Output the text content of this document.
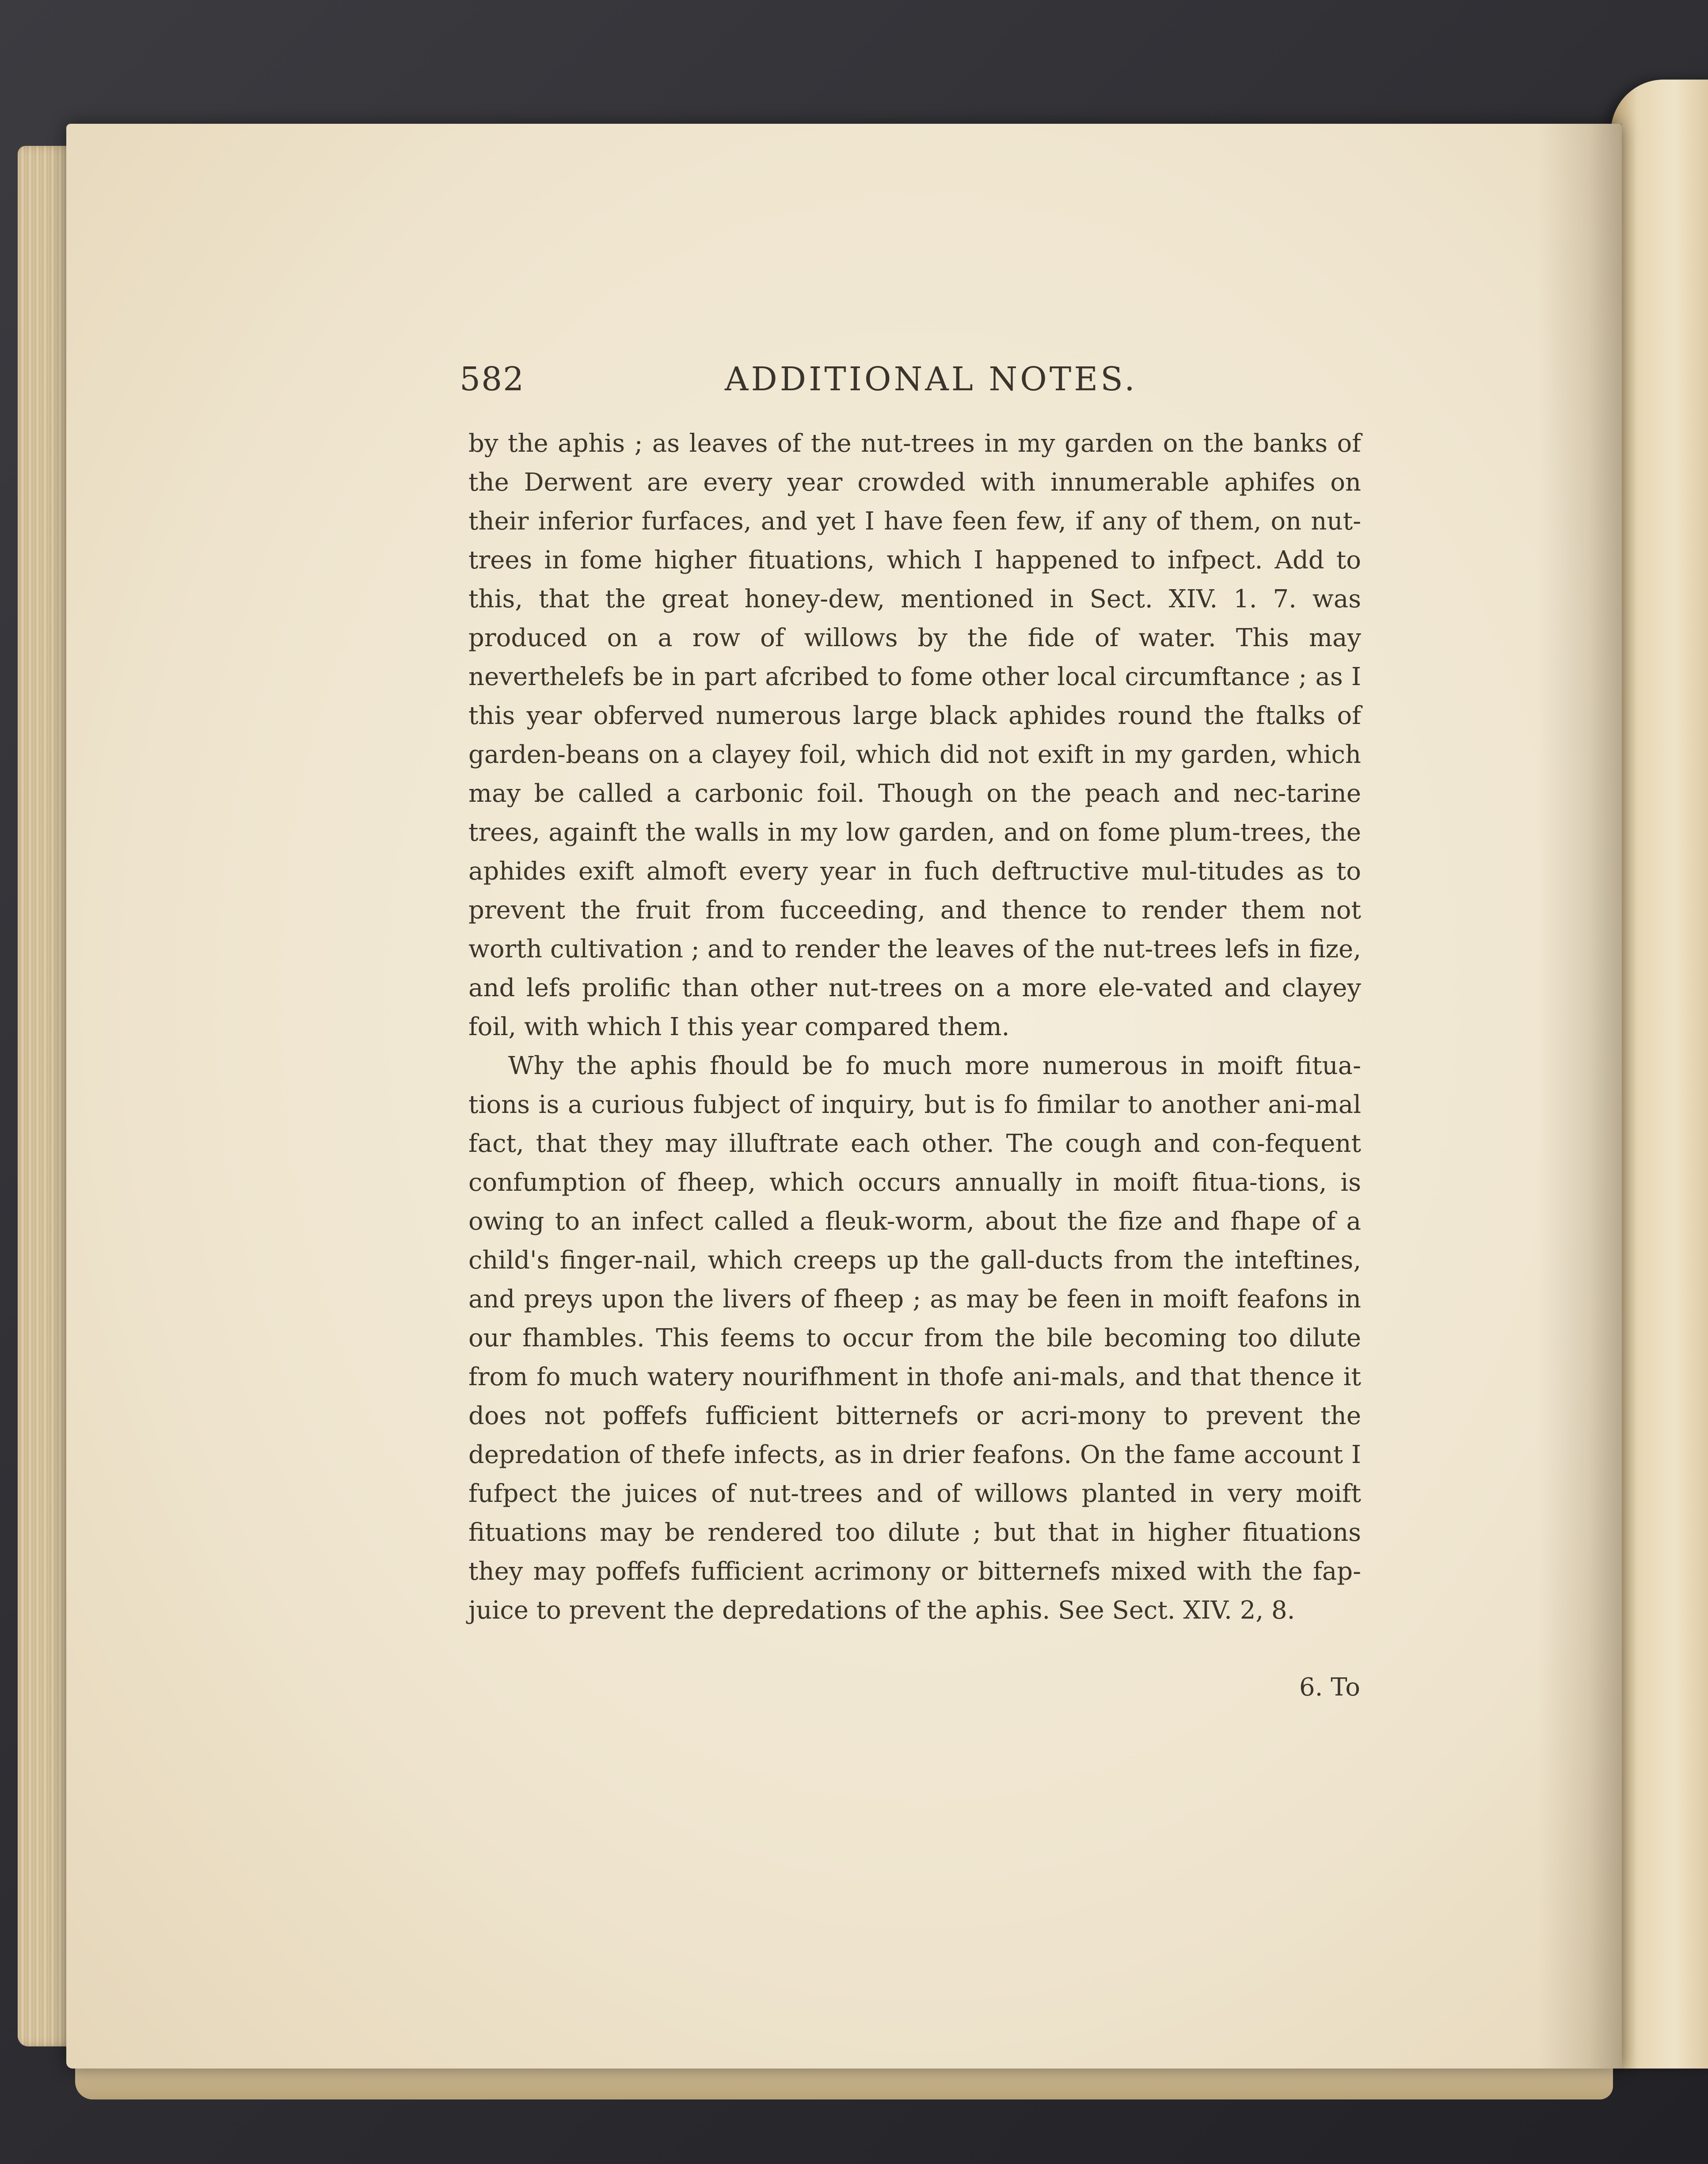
582	ADDITIONAL NOTES.

by the aphis ; as leaves of the nut-trees in my garden on the banks of the Derwent are every year crowded with innumerable aphifes on their inferior furfaces, and yet I have feen few, if any of them, on nut-trees in fome higher fituations, which I happened to infpect. Add to this, that the great honey-dew, mentioned in Sect. XIV. 1. 7. was produced on a row of willows by the fide of water. This may neverthelefs be in part afcribed to fome other local circumftance ; as I this year obferved numerous large black aphides round the ftalks of garden-beans on a clayey foil, which did not exift in my garden, which may be called a carbonic foil. Though on the peach and nec-tarine trees, againft the walls in my low garden, and on fome plum-trees, the aphides exift almoft every year in fuch deftructive mul-titudes as to prevent the fruit from fucceeding, and thence to render them not worth cultivation ; and to render the leaves of the nut-trees lefs in fize, and lefs prolific than other nut-trees on a more ele-vated and clayey foil, with which I this year compared them.

Why the aphis fhould be fo much more numerous in moift fitua-tions is a curious fubject of inquiry, but is fo fimilar to another ani-mal fact, that they may illuftrate each other. The cough and con-fequent confumption of fheep, which occurs annually in moift fitua-tions, is owing to an infect called a fleuk-worm, about the fize and fhape of a child's finger-nail, which creeps up the gall-ducts from the inteftines, and preys upon the livers of fheep ; as may be feen in moift feafons in our fhambles. This feems to occur from the bile becoming too dilute from fo much watery nourifhment in thofe ani-mals, and that thence it does not poffefs fufficient bitternefs or acri-mony to prevent the depredation of thefe infects, as in drier feafons. On the fame account I fufpect the juices of nut-trees and of willows planted in very moift fituations may be rendered too dilute ; but that in higher fituations they may poffefs fufficient acrimony or bitternefs mixed with the fap-juice to prevent the depredations of the aphis. See Sect. XIV. 2, 8.

6. To
